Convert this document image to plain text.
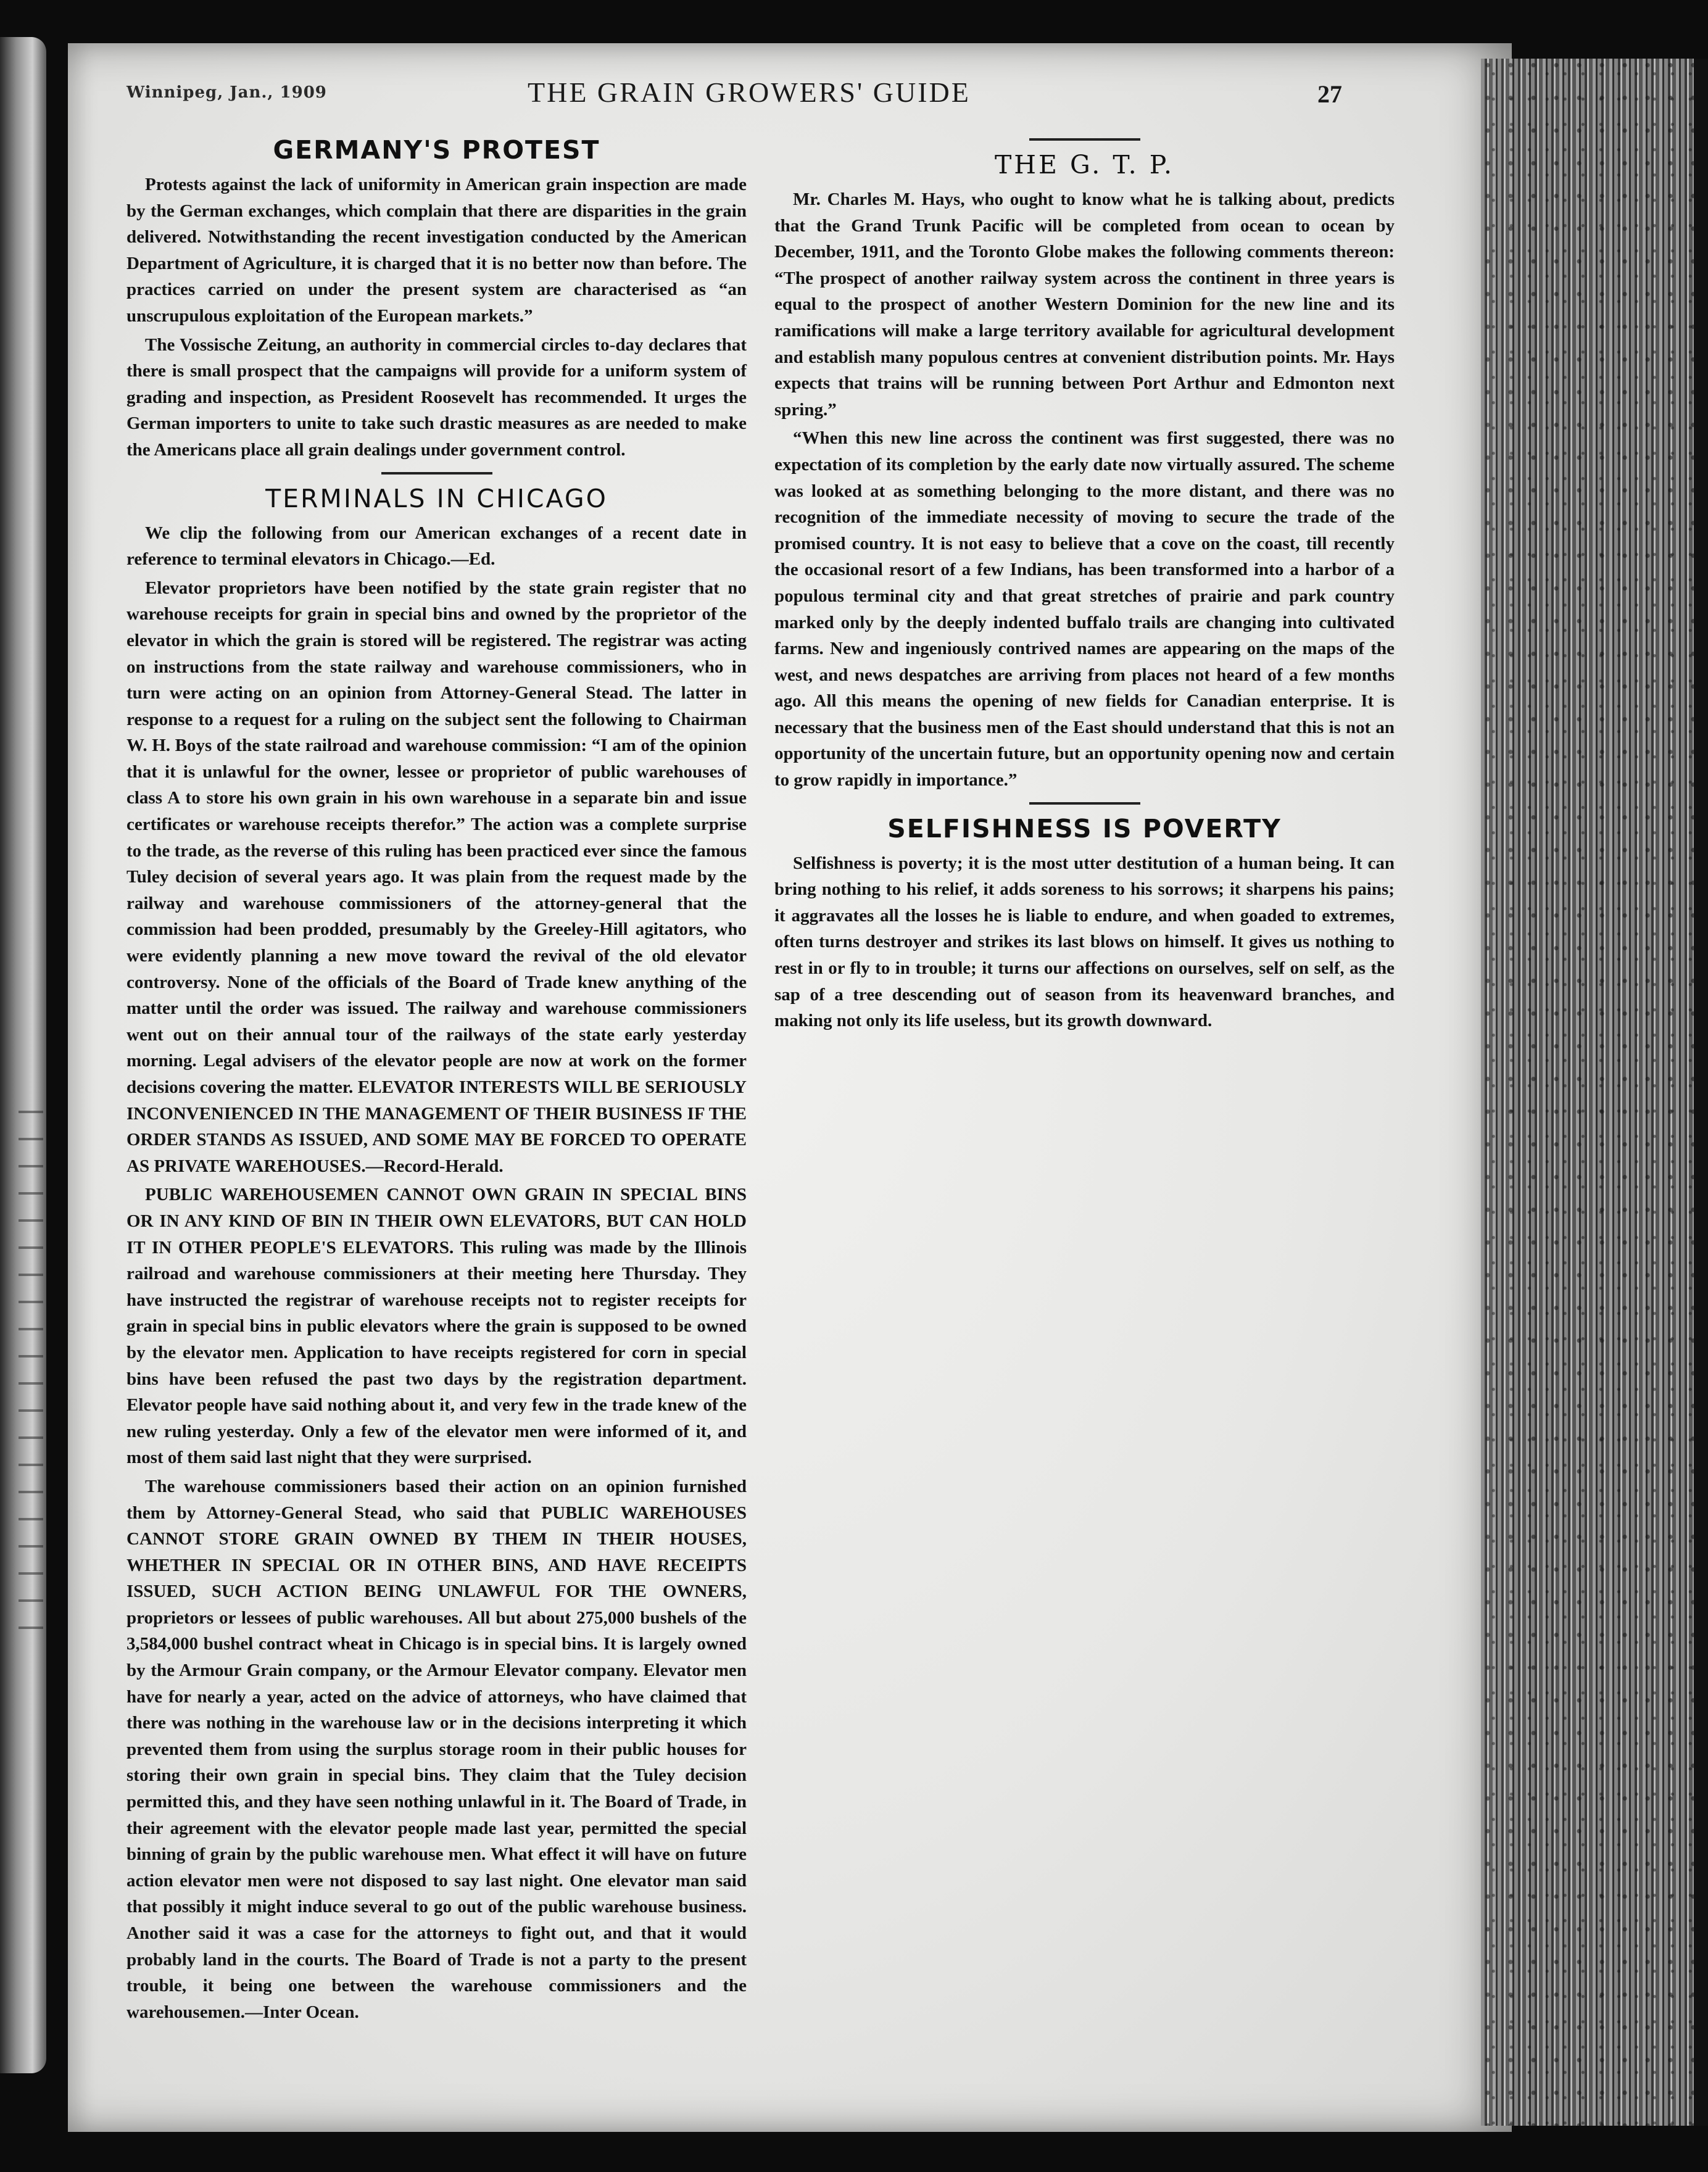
Winnipeg, Jan., 1909	THE GRAIN GROWERS' GUIDE	27
GERMANY'S PROTEST

Protests against the lack of uniformity in American grain inspection are made by the German exchanges, which complain that there are disparities in the grain delivered. Notwithstanding the recent investigation conducted by the American Department of Agriculture, it is charged that it is no better now than before. The practices carried on under the present system are characterised as “an unscrupulous exploitation of the European markets.”

The Vossische Zeitung, an authority in commercial circles to-day declares that there is small prospect that the campaigns will provide for a uniform system of grading and inspection, as President Roosevelt has recommended. It urges the German importers to unite to take such drastic measures as are needed to make the Americans place all grain dealings under government control.

TERMINALS IN CHICAGO

We clip the following from our American exchanges of a recent date in reference to terminal elevators in Chicago.—Ed.

Elevator proprietors have been notified by the state grain register that no warehouse receipts for grain in special bins and owned by the proprietor of the elevator in which the grain is stored will be registered. The registrar was acting on instructions from the state railway and warehouse commissioners, who in turn were acting on an opinion from Attorney-General Stead. The latter in response to a request for a ruling on the subject sent the following to Chairman W. H. Boys of the state railroad and warehouse commission: “I am of the opinion that it is unlawful for the owner, lessee or proprietor of public warehouses of class A to store his own grain in his own warehouse in a separate bin and issue certificates or warehouse receipts therefor.” The action was a complete surprise to the trade, as the reverse of this ruling has been practiced ever since the famous Tuley decision of several years ago. It was plain from the request made by the railway and warehouse commissioners of the attorney-general that the commission had been prodded, presumably by the Greeley-Hill agitators, who were evidently planning a new move toward the revival of the old elevator controversy. None of the officials of the Board of Trade knew anything of the matter until the order was issued. The railway and warehouse commissioners went out on their annual tour of the railways of the state early yesterday morning. Legal advisers of the elevator people are now at work on the former decisions covering the matter. ELEVATOR INTERESTS WILL BE SERIOUSLY INCONVENIENCED IN THE MANAGEMENT OF THEIR BUSINESS IF THE ORDER STANDS AS ISSUED, AND SOME MAY BE FORCED TO OPERATE AS PRIVATE WAREHOUSES.—Record-Herald.

PUBLIC WAREHOUSEMEN CANNOT OWN GRAIN IN SPECIAL BINS OR IN ANY KIND OF BIN IN THEIR OWN ELEVATORS, BUT CAN HOLD IT IN OTHER PEOPLE'S ELEVATORS. This ruling was made by the Illinois railroad and warehouse commissioners at their meeting here Thursday. They have instructed the registrar of warehouse receipts not to register receipts for grain in special bins in public elevators where the grain is supposed to be owned by the elevator men. Application to have receipts registered for corn in special bins have been refused the past two days by the registration department. Elevator people have said nothing about it, and very few in the trade knew of the new ruling yesterday. Only a few of the elevator men were informed of it, and most of them said last night that they were surprised.

The warehouse commissioners based their action on an opinion furnished them by Attorney-General Stead, who said that PUBLIC WAREHOUSES CANNOT STORE GRAIN OWNED BY THEM IN THEIR HOUSES, WHETHER IN SPECIAL OR IN OTHER BINS, AND HAVE RECEIPTS ISSUED, SUCH ACTION BEING UNLAWFUL FOR THE OWNERS, proprietors or lessees of public warehouses. All but about 275,000 bushels of the 3,584,000 bushel contract wheat in Chicago is in special bins. It is largely owned by the Armour Grain company, or the Armour Elevator company. Elevator men have for nearly a year, acted on the advice of attorneys, who have claimed that there was nothing in the warehouse law or in the decisions interpreting it which prevented them from using the surplus storage room in their public houses for storing their own grain in special bins. They claim that the Tuley decision permitted this, and they have seen nothing unlawful in it. The Board of Trade, in their agreement with the elevator people made last year, permitted the special binning of grain by the public warehouse men. What effect it will have on future action elevator men were not disposed to say last night. One elevator man said that possibly it might induce several to go out of the public warehouse business. Another said it was a case for the attorneys to fight out, and that it would probably land in the courts. The Board of Trade is not a party to the present trouble, it being one between the warehouse commissioners and the warehousemen.—Inter Ocean.

THE G. T. P.

Mr. Charles M. Hays, who ought to know what he is talking about, predicts that the Grand Trunk Pacific will be completed from ocean to ocean by December, 1911, and the Toronto Globe makes the following comments thereon: “The prospect of another railway system across the continent in three years is equal to the prospect of another Western Dominion for the new line and its ramifications will make a large territory available for agricultural development and establish many populous centres at convenient distribution points. Mr. Hays expects that trains will be running between Port Arthur and Edmonton next spring.”

“When this new line across the continent was first suggested, there was no expectation of its completion by the early date now virtually assured. The scheme was looked at as something belonging to the more distant, and there was no recognition of the immediate necessity of moving to secure the trade of the promised country. It is not easy to believe that a cove on the coast, till recently the occasional resort of a few Indians, has been transformed into a harbor of a populous terminal city and that great stretches of prairie and park country marked only by the deeply indented buffalo trails are changing into cultivated farms. New and ingeniously contrived names are appearing on the maps of the west, and news despatches are arriving from places not heard of a few months ago. All this means the opening of new fields for Canadian enterprise. It is necessary that the business men of the East should understand that this is not an opportunity of the uncertain future, but an opportunity opening now and certain to grow rapidly in importance.”

SELFISHNESS IS POVERTY

Selfishness is poverty; it is the most utter destitution of a human being. It can bring nothing to his relief, it adds soreness to his sorrows; it sharpens his pains; it aggravates all the losses he is liable to endure, and when goaded to extremes, often turns destroyer and strikes its last blows on himself. It gives us nothing to rest in or fly to in trouble; it turns our affections on ourselves, self on self, as the sap of a tree descending out of season from its heavenward branches, and making not only its life useless, but its growth downward.
